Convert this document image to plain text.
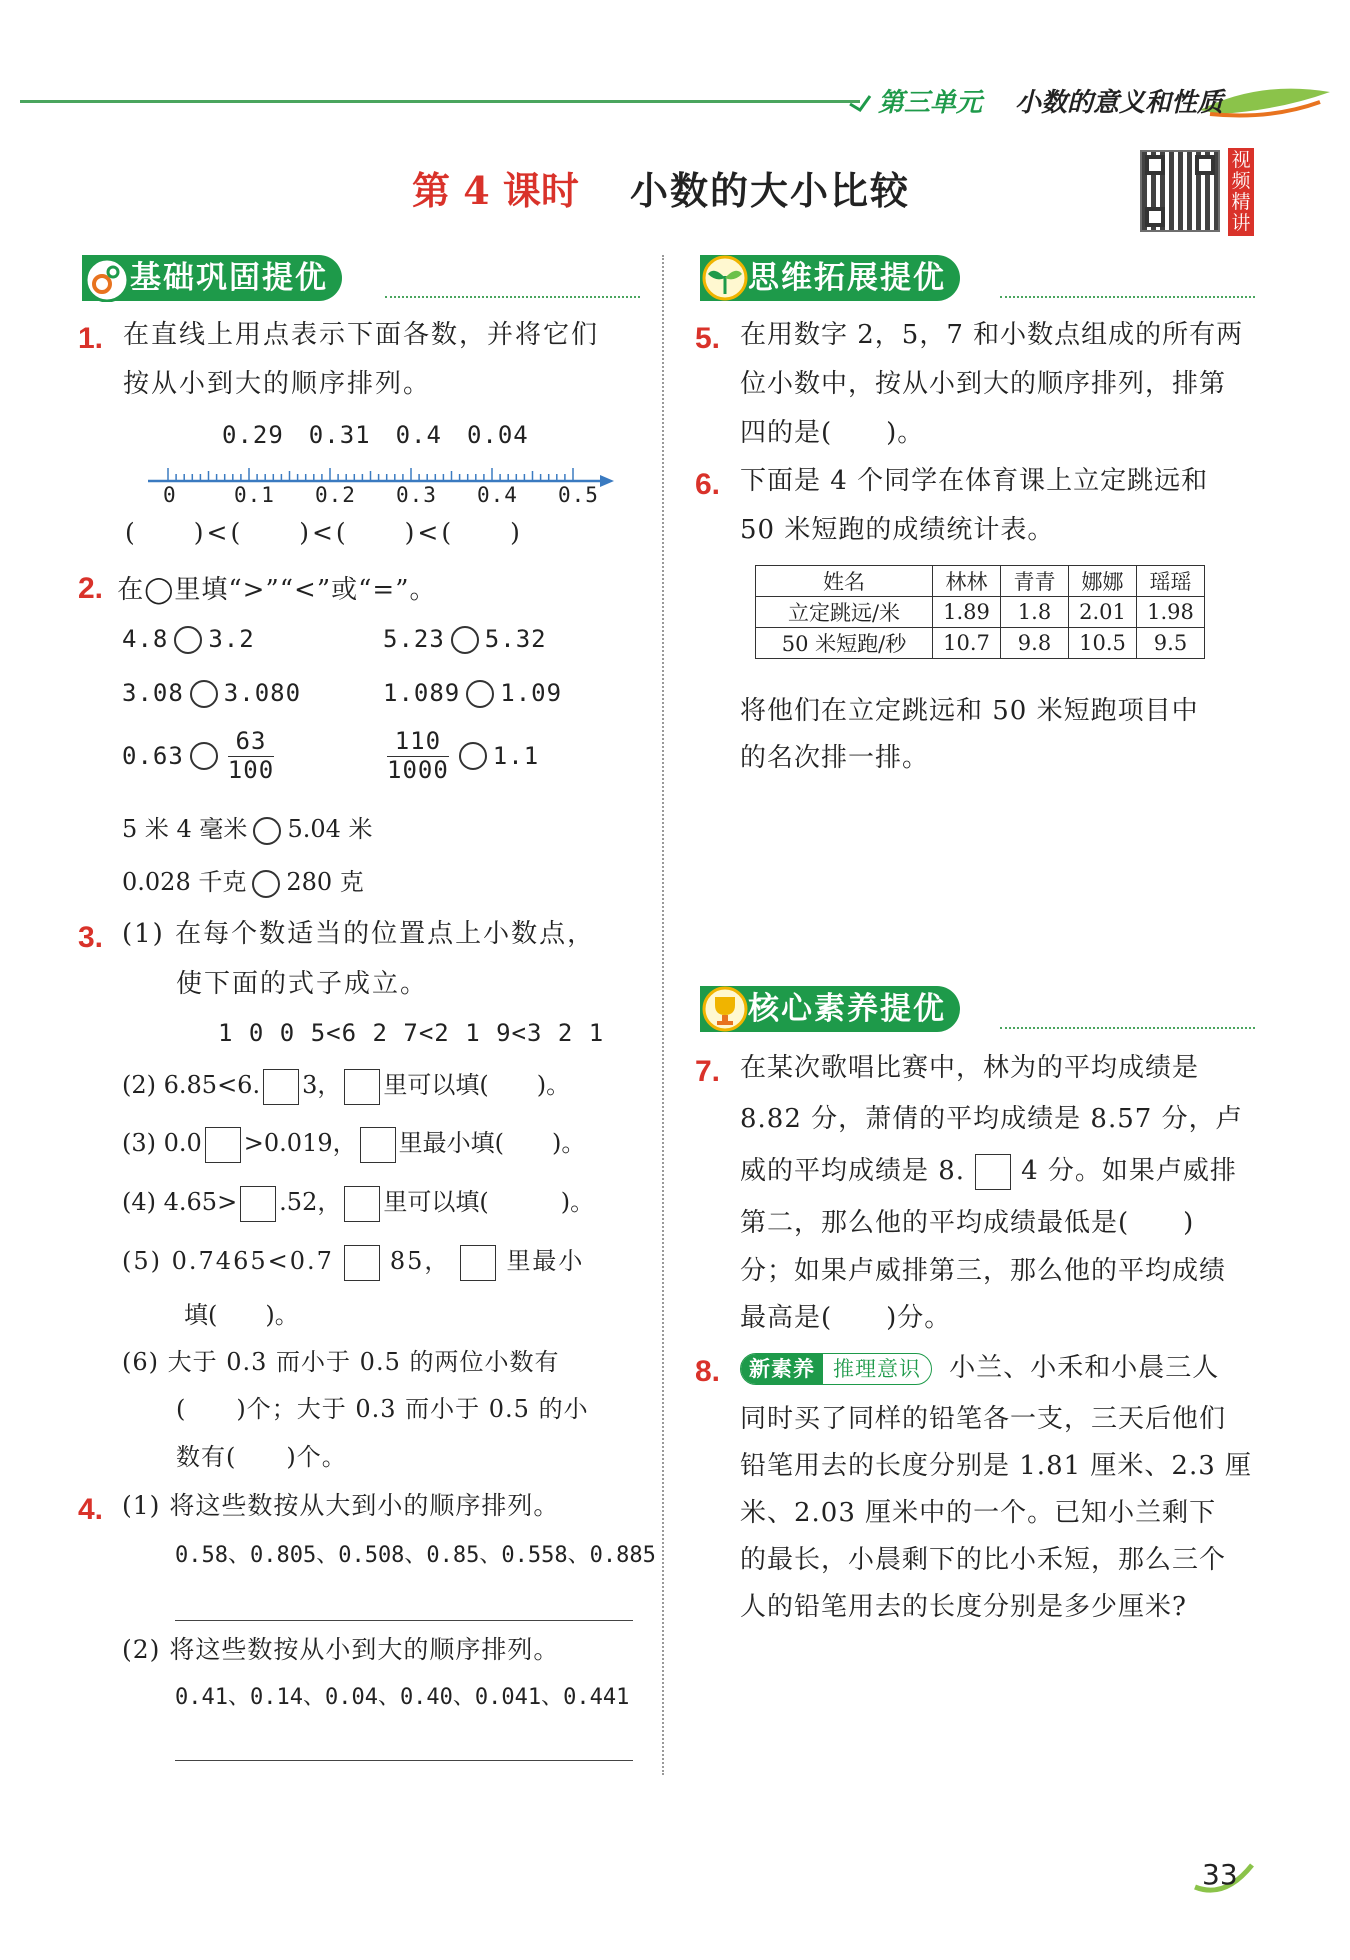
第三单元 小数的意义和性质
第 4 课时 小数的大小比较
视频精讲
基础巩固提优
1. 在直线上用点表示下面各数，并将它们
按从小到大的顺序排列。
0.29　0.31　0.4　0.04
0	0.1 0.2 0.3 0.4 0.5
(　　)<(　　)<(　　)<(　　)
2. 在◯里填“>”“<”或“=”。
4.8 3.2	5.23 5.32
3.08 3.080	1.089 1.09
$0.63 \frac{63}{100}$	$\frac{110}{1000} 1.1$
5 米 4 毫米 5.04 米
0.028 千克 280 克
3. (1) 在每个数适当的位置点上小数点，
使下面的式子成立。
1 0 0 5<6 2 7<2 1 9<3 2 1
(2) 6.85<6. 3， 里可以填(　　)。
(3) 0.0 >0.019， 里最小填(　　)。
(4) 4.65> .52， 里可以填(　　　)。
(5) 0.7465<0.7 85， 里最小
填(　　)。
(6) 大于 0.3 而小于 0.5 的两位小数有
(　　)个；大于 0.3 而小于 0.5 的小
数有(　　)个。
4. (1) 将这些数按从大到小的顺序排列。
0.58、0.805、0.508、0.85、0.558、0.885
(2) 将这些数按从小到大的顺序排列。
0.41、0.14、0.04、0.40、0.041、0.441
思维拓展提优
5. 在用数字 2，5，7 和小数点组成的所有两
位小数中，按从小到大的顺序排列，排第
四的是(　　)。
6. 下面是 4 个同学在体育课上立定跳远和
50 米短跑的成绩统计表。
姓名	林林	青青	娜娜	瑶瑶
立定跳远/米	1.89	1.8	2.01	1.98
50 米短跑/秒	10.7	9.8	10.5	9.5
将他们在立定跳远和 50 米短跑项目中
的名次排一排。
核心素养提优
7. 在某次歌唱比赛中，林为的平均成绩是
8.82 分，萧倩的平均成绩是 8.57 分，卢
威的平均成绩是 8. 4 分。如果卢威排
第二，那么他的平均成绩最低是(　　)
分；如果卢威排第三，那么他的平均成绩
最高是(　　)分。
8.	新素养 推理意识	小兰、小禾和小晨三人
同时买了同样的铅笔各一支，三天后他们
铅笔用去的长度分别是 1.81 厘米、2.3 厘
米、2.03 厘米中的一个。已知小兰剩下
的最长，小晨剩下的比小禾短，那么三个
人的铅笔用去的长度分别是多少厘米?
33
